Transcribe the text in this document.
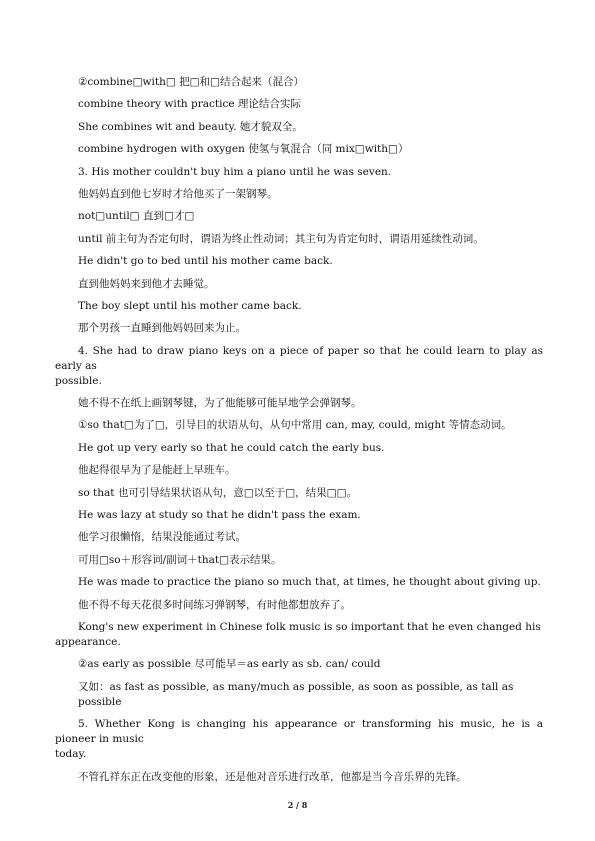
②combine□with□ 把□和□结合起来（混合）
combine theory with practice 理论结合实际
She combines wit and beauty. 她才貌双全。
combine hydrogen with oxygen 使氢与氧混合（同 mix□with□）
3. His mother couldn't buy him a piano until he was seven.
他妈妈直到他七岁时才给他买了一架钢琴。
not□until□ 直到□才□
until 前主句为否定句时，谓语为终止性动词；其主句为肯定句时，谓语用延续性动词。
He didn't go to bed until his mother came back.
直到他妈妈来到他才去睡觉。
The boy slept until his mother came back.
那个男孩一直睡到他妈妈回来为止。
4. She had to draw piano keys on a piece of paper so that he could learn to play as early as
possible.
她不得不在纸上画钢琴键，为了他能够可能早地学会弹钢琴。
①so that□为了□，引导目的状语从句，从句中常用 can, may, could, might 等情态动词。
He got up very early so that he could catch the early bus.
他起得很早为了是能赶上早班车。
so that 也可引导结果状语从句，意□以至于□，结果□□。
He was lazy at study so that he didn't pass the exam.
他学习很懒惰，结果没能通过考试。
可用□so＋形容词/副词＋that□表示结果。
He was made to practice the piano so much that, at times, he thought about giving up.
他不得不每天花很多时间练习弹钢琴，有时他都想放弃了。
Kong's new experiment in Chinese folk music is so important that he even changed his
appearance.
②as early as possible 尽可能早＝as early as sb. can/ could
又如：as fast as possible, as many/much as possible, as soon as possible, as tall as possible
5. Whether Kong is changing his appearance or transforming his music, he is a pioneer in music
today.
不管孔祥东正在改变他的形象，还是他对音乐进行改革，他都是当今音乐界的先锋。
2 / 8
